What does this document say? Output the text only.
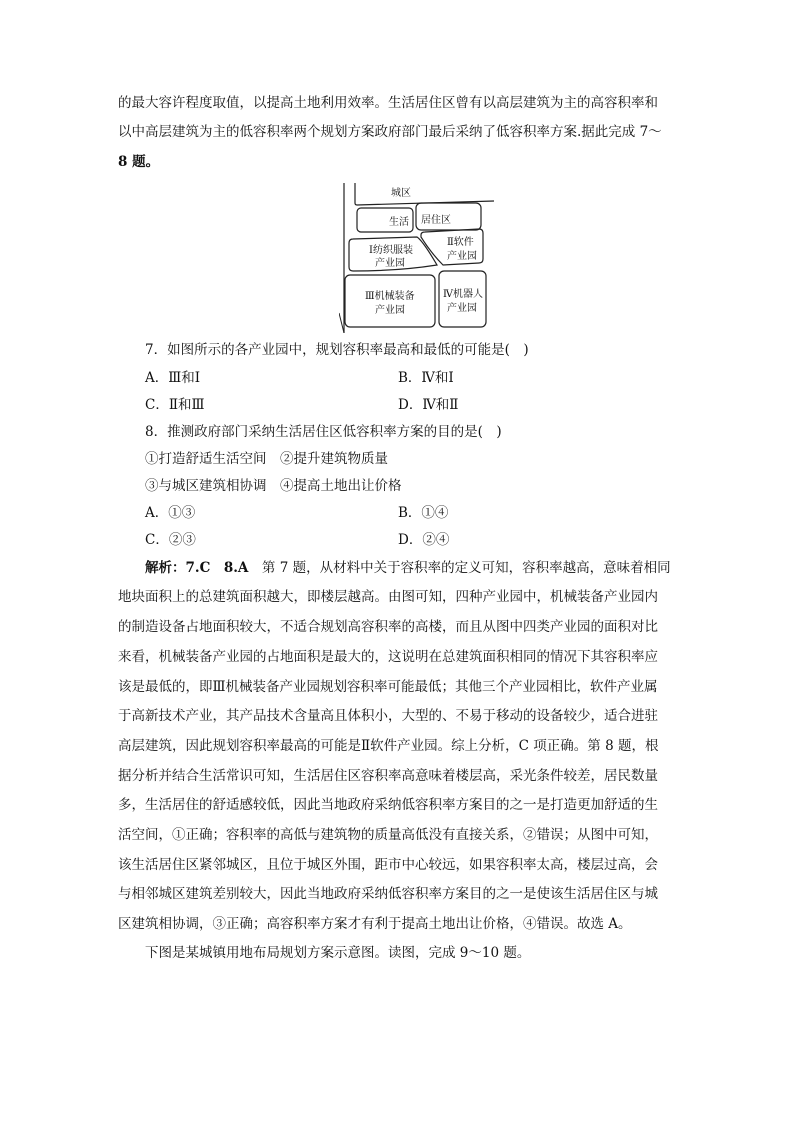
的最大容许程度取值，以提高土地利用效率。生活居住区曾有以高层建筑为主的高容积率和
以中高层建筑为主的低容积率两个规划方案政府部门最后采纳了低容积率方案.据此完成 7～
8 题。
城区
生活 居住区
Ⅰ纺织服装
产业园
Ⅱ软件
产业园
Ⅲ机械装备
产业园
Ⅳ机器人
产业园
7．如图所示的各产业园中，规划容积率最高和最低的可能是(　)
A．Ⅲ和Ⅰ	B．Ⅳ和Ⅰ
C．Ⅱ和Ⅲ	D．Ⅳ和Ⅱ
8．推测政府部门采纳生活居住区低容积率方案的目的是(　)
①打造舒适生活空间　②提升建筑物质量
③与城区建筑相协调　④提高土地出让价格
A．①③	B．①④
C．②③	D．②④
解析：7.C　8.A　第 7 题，从材料中关于容积率的定义可知，容积率越高，意味着相同
地块面积上的总建筑面积越大，即楼层越高。由图可知，四种产业园中，机械装备产业园内
的制造设备占地面积较大，不适合规划高容积率的高楼，而且从图中四类产业园的面积对比
来看，机械装备产业园的占地面积是最大的，这说明在总建筑面积相同的情况下其容积率应
该是最低的，即Ⅲ机械装备产业园规划容积率可能最低；其他三个产业园相比，软件产业属
于高新技术产业，其产品技术含量高且体积小，大型的、不易于移动的设备较少，适合进驻
高层建筑，因此规划容积率最高的可能是Ⅱ软件产业园。综上分析，C 项正确。第 8 题，根
据分析并结合生活常识可知，生活居住区容积率高意味着楼层高，采光条件较差，居民数量
多，生活居住的舒适感较低，因此当地政府采纳低容积率方案目的之一是打造更加舒适的生
活空间，①正确；容积率的高低与建筑物的质量高低没有直接关系，②错误；从图中可知，
该生活居住区紧邻城区，且位于城区外围，距市中心较远，如果容积率太高，楼层过高，会
与相邻城区建筑差别较大，因此当地政府采纳低容积率方案目的之一是使该生活居住区与城
区建筑相协调，③正确；高容积率方案才有利于提高土地出让价格，④错误。故选 A。
下图是某城镇用地布局规划方案示意图。读图，完成 9～10 题。
